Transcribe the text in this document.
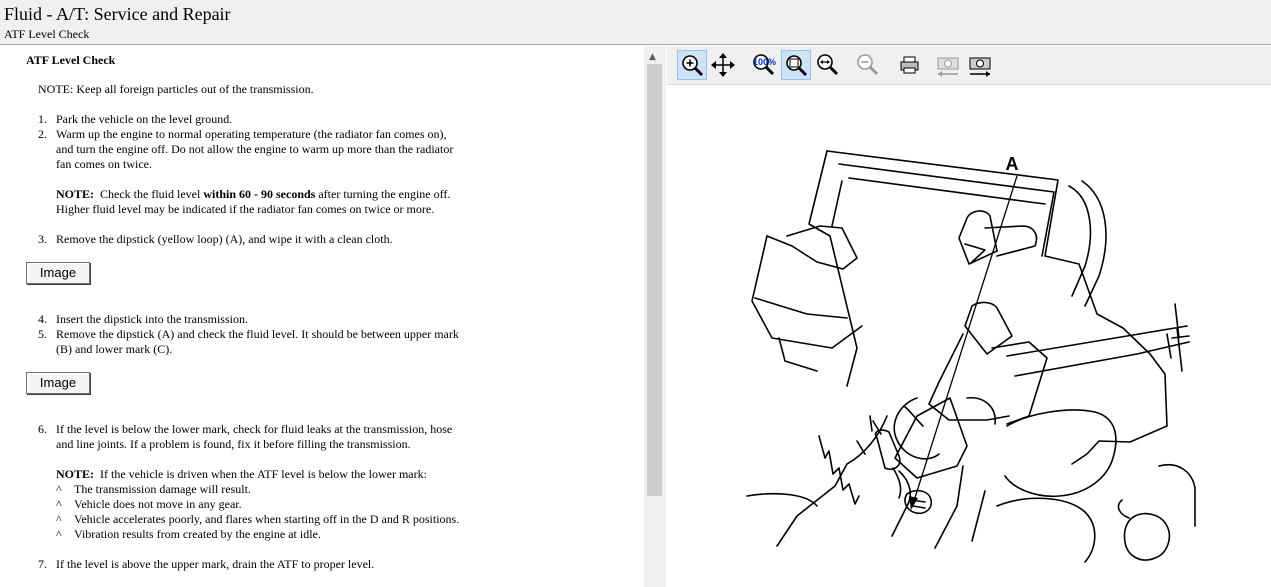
Fluid - A/T: Service and Repair
ATF Level Check
ATF Level Check
NOTE: Keep all foreign particles out of the transmission.
1. Park the vehicle on the level ground.
2. Warm up the engine to normal operating temperature (the radiator fan comes on),
and turn the engine off. Do not allow the engine to warm up more than the radiator
fan comes on twice.
NOTE: Check the fluid level within 60 - 90 seconds after turning the engine off.
Higher fluid level may be indicated if the radiator fan comes on twice or more.
3. Remove the dipstick (yellow loop) (A), and wipe it with a clean cloth.
Image
4. Insert the dipstick into the transmission.
5. Remove the dipstick (A) and check the fluid level. It should be between upper mark
(B) and lower mark (C).
Image
6. If the level is below the lower mark, check for fluid leaks at the transmission, hose
and line joints. If a problem is found, fix it before filling the transmission.
NOTE: If the vehicle is driven when the ATF level is below the lower mark:
^ The transmission damage will result.
^ Vehicle does not move in any gear.
^ Vehicle accelerates poorly, and flares when starting off in the D and R positions.
^ Vibration results from created by the engine at idle.
7. If the level is above the upper mark, drain the ATF to proper level.
▲	100%
A
